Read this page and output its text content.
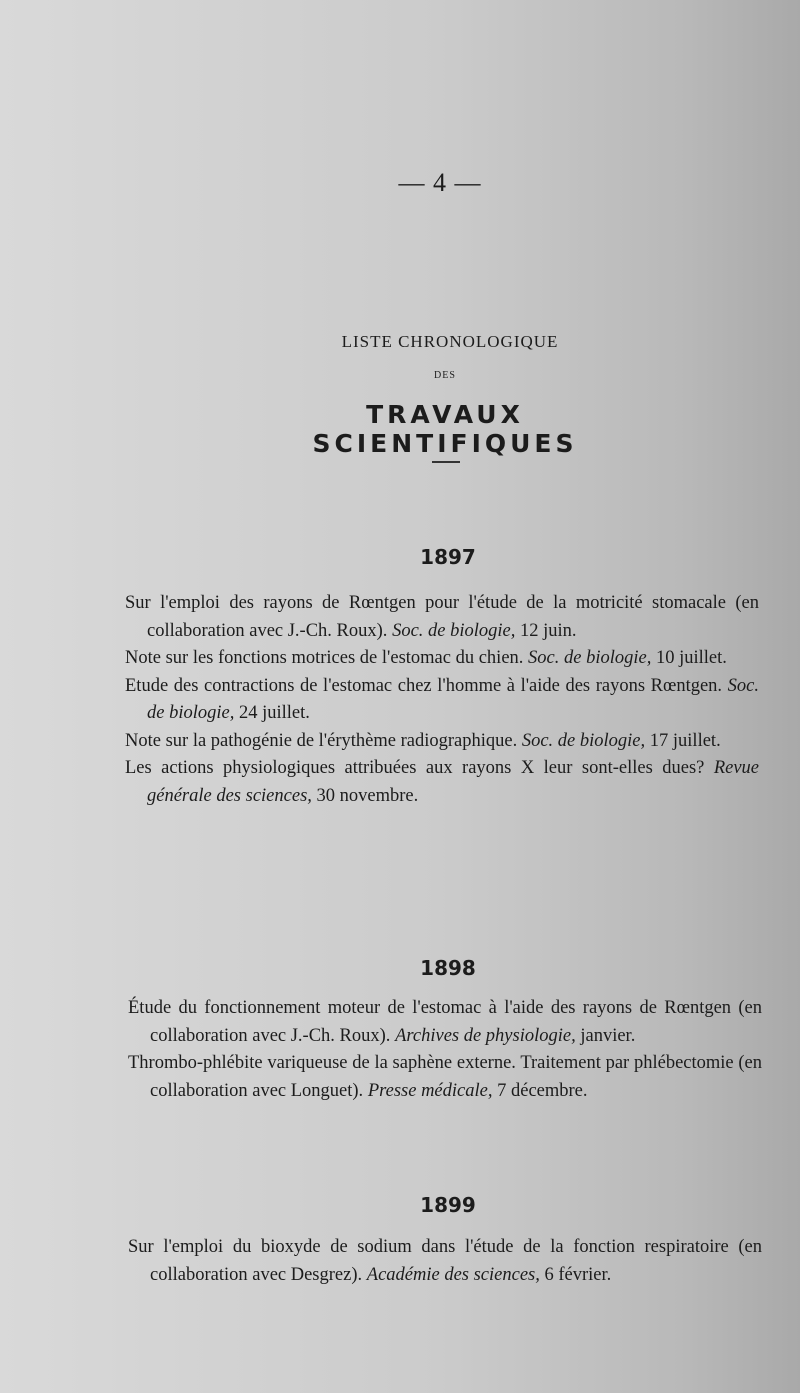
— 4 —
LISTE CHRONOLOGIQUE
DES
TRAVAUX SCIENTIFIQUES
1897
Sur l'emploi des rayons de Rœntgen pour l'étude de la motricité stomacale (en collaboration avec J.-Ch. Roux). Soc. de biologie, 12 juin.
Note sur les fonctions motrices de l'estomac du chien. Soc. de biologie, 10 juillet.
Etude des contractions de l'estomac chez l'homme à l'aide des rayons Rœntgen. Soc. de biologie, 24 juillet.
Note sur la pathogénie de l'érythème radiographique. Soc. de biologie, 17 juillet.
Les actions physiologiques attribuées aux rayons X leur sont-elles dues? Revue générale des sciences, 30 novembre.
1898
Étude du fonctionnement moteur de l'estomac à l'aide des rayons de Rœntgen (en collaboration avec J.-Ch. Roux). Archives de physiologie, janvier.
Thrombo-phlébite variqueuse de la saphène externe. Traitement par phlébectomie (en collaboration avec Longuet). Presse médicale, 7 décembre.
1899
Sur l'emploi du bioxyde de sodium dans l'étude de la fonction respiratoire (en collaboration avec Desgrez). Académie des sciences, 6 février.
